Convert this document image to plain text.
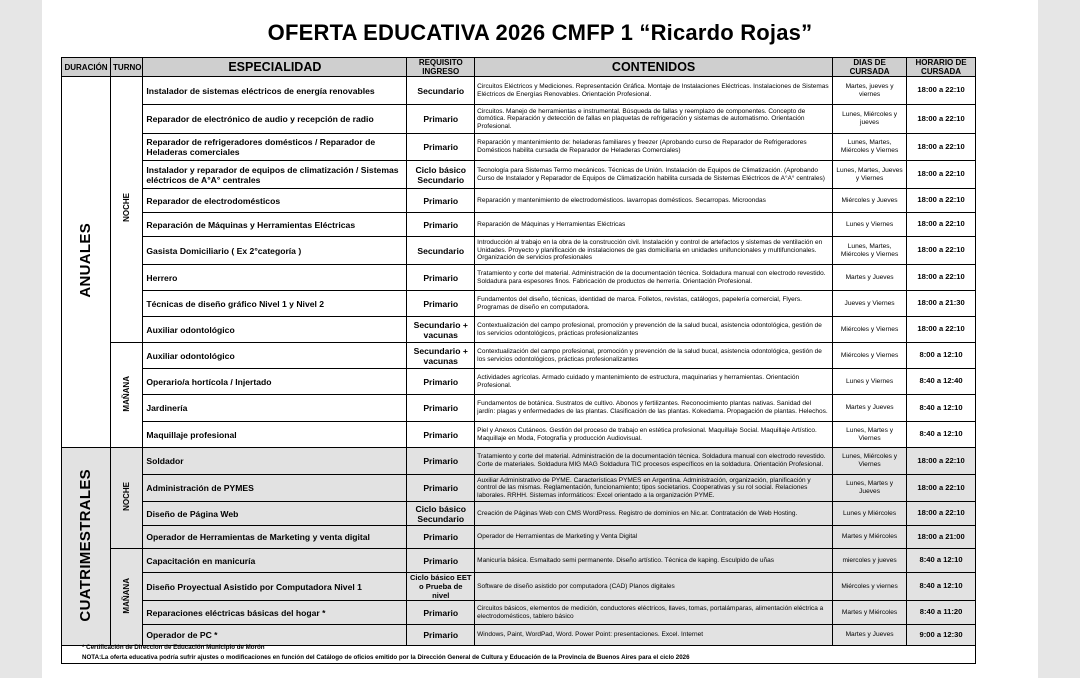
OFERTA EDUCATIVA 2026 CMFP 1 “Ricardo Rojas”
DURACIÓN	TURNO	ESPECIALIDAD	REQUISITO INGRESO	CONTENIDOS	DIAS DE CURSADA	HORARIO DE CURSADA
ANUALES	NOCHE	Instalador de sistemas eléctricos de energía renovables	Secundario	Circuitos Eléctricos y Mediciones. Representación Gráfica. Montaje de Instalaciones Eléctricas. Instalaciones de Sistemas Eléctricos de Energías Renovables. Orientación Profesional.	Martes, jueves y viernes	18:00 a 22:10
		Reparador de electrónico de audio y recepción de radio	Primario	Circuitos. Manejo de herramientas e instrumental. Búsqueda de fallas y reemplazo de componentes. Concepto de domótica. Reparación y detección de fallas en plaquetas de refrigeración y sistemas de automatismo. Orientación Profesional.	Lunes, Miércoles y jueves	18:00 a 22:10
		Reparador de refrigeradores domésticos / Reparador de Heladeras comerciales	Primario	Reparación y mantenimiento de: heladeras familiares y freezer (Aprobando curso de Reparador de Refrigeradores Domésticos habilita cursada de Reparador de Heladeras Comerciales)	Lunes, Martes, Miércoles y Viernes	18:00 a 22:10
		Instalador y reparador de equipos de climatización / Sistemas eléctricos de A°A° centrales	Ciclo básico Secundario	Tecnología para Sistemas Termo mecánicos. Técnicas de Unión. Instalación de Equipos de Climatización. (Aprobando Curso de Instalador y Reparador de Equipos de Climatización habilita cursada de Sistemas Eléctricos de A°A° centrales)	Lunes, Martes, Jueves y Viernes	18:00 a 22:10
		Reparador de electrodomésticos	Primario	Reparación y mantenimiento de electrodomésticos. lavarropas domésticos. Secarropas. Microondas	Miércoles y Jueves	18:00 a 22:10
		Reparación de Máquinas y Herramientas Eléctricas	Primario	Reparación de Máquinas y Herramientas Eléctricas	Lunes y Viernes	18:00 a 22:10
		Gasista Domiciliario ( Ex 2°categoría )	Secundario	Introducción al trabajo en la obra de la construcción civil. Instalación y control de artefactos y sistemas de ventilación en Unidades. Proyecto y planificación de instalaciones de gas domiciliaria en unidades unifuncionales y multifuncionales. Organización de servicios profesionales	Lunes, Martes, Miércoles y Viernes	18:00 a 22:10
		Herrero	Primario	Tratamiento y corte del material. Administración de la documentación técnica. Soldadura manual con electrodo revestido. Soldadura para espesores finos. Fabricación de productos de herrería. Orientación Profesional.	Martes y Jueves	18:00 a 22:10
		Técnicas de diseño gráfico Nivel 1 y Nivel 2	Primario	Fundamentos del diseño, técnicas, identidad de marca. Folletos, revistas, catálogos, papelería comercial, Flyers. Programas de diseño en computadora.	Jueves y Viernes	18:00 a 21:30
		Auxiliar odontológico	Secundario + vacunas	Contextualización del campo profesional, promoción y prevención de la salud bucal, asistencia odontológica, gestión de los servicios odontológicos, prácticas profesionalizantes	Miércoles y Viernes	18:00 a 22:10
	MAÑANA	Auxiliar odontológico	Secundario + vacunas	Contextualización del campo profesional, promoción y prevención de la salud bucal, asistencia odontológica, gestión de los servicios odontológicos, prácticas profesionalizantes	Miércoles y Viernes	8:00 a 12:10
		Operario/a hortícola / Injertado	Primario	Actividades agrícolas. Armado cuidado y mantenimiento de estructura, maquinarias y herramientas. Orientación Profesional.	Lunes y Viernes	8:40 a 12:40
		Jardinería	Primario	Fundamentos de botánica. Sustratos de cultivo. Abonos y fertilizantes. Reconocimiento plantas nativas. Sanidad del jardín: plagas y enfermedades de las plantas. Clasificación de las plantas. Kokedama. Propagación de plantas. Helechos.	Martes y Jueves	8:40 a 12:10
		Maquillaje profesional	Primario	Piel y Anexos Cutáneos. Gestión del proceso de trabajo en estética profesional. Maquillaje Social. Maquillaje Artístico. Maquillaje en Moda, Fotografía y producción Audiovisual.	Lunes, Martes y Viernes	8:40 a 12:10
CUATRIMESTRALES	NOCHE	Soldador	Primario	Tratamiento y corte del material. Administración de la documentación técnica. Soldadura manual con electrodo revestido. Corte de materiales. Soldadura MIG MAG Soldadura TIC procesos específicos en la soldadura. Orientación Profesional.	Lunes, Miércoles y Viernes	18:00 a 22:10
		Administración de PYMES	Primario	Auxiliar Administrativo de PYME. Características PYMES en Argentina. Administración, organización, planificación y control de las mismas. Reglamentación, funcionamiento; tipos societarios. Cooperativas y su rol social. Relaciones laborales. RRHH. Sistemas informáticos: Excel orientado a la organización PYME.	Lunes, Martes y Jueves	18:00 a 22:10
		Diseño de Página Web	Ciclo básico Secundario	Creación de Páginas Web con CMS WordPress. Registro de dominios en Nic.ar. Contratación de Web Hosting.	Lunes y Miércoles	18:00 a 22:10
		Operador de Herramientas de Marketing y venta digital	Primario	Operador de Herramientas de Marketing y Venta Digital	Martes y Miércoles	18:00 a 21:00
	MAÑANA	Capacitación en manicuría	Primario	Manicuría básica. Esmaltado semi permanente. Diseño artístico. Técnica de kaping. Esculpido de uñas	miercoles y jueves	8:40 a 12:10
		Diseño Proyectual Asistido por Computadora Nivel 1	Ciclo básico EET o Prueba de nivel	Software de diseño asistido por computadora (CAD) Planos digitales	Miércoles y viernes	8:40 a 12:10
		Reparaciones eléctricas básicas del hogar *	Primario	Circuitos básicos, elementos de medición, conductores eléctricos, llaves, tomas, portalámparas, alimentación eléctrica a electrodomésticos, tablero básico	Martes y Miércoles	8:40 a 11:20
		Operador de PC *	Primario	Windows, Paint, WordPad, Word. Power Point: presentaciones. Excel. Internet	Martes y Jueves	9:00 a 12:30
* Certificación de Direccion de Educación Municipio de Morón
NOTA:La oferta educativa podría sufrir ajustes o modificaciones en función del Catálogo de oficios emitido por la Dirección General de Cultura y Educación de la Provincia de Buenos Aires para el ciclo 2026
